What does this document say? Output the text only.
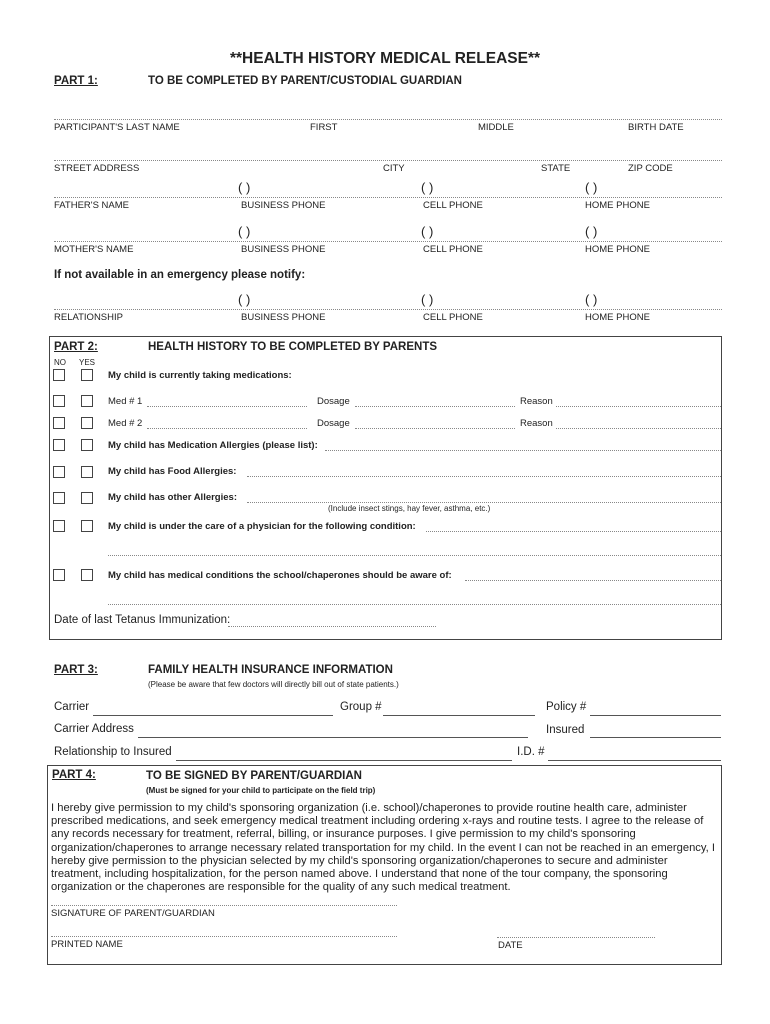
**HEALTH HISTORY MEDICAL RELEASE**
PART 1:	TO BE COMPLETED BY PARENT/CUSTODIAL GUARDIAN
PARTICIPANT'S LAST NAME	FIRST	MIDDLE	BIRTH DATE
STREET ADDRESS	CITY	STATE	ZIP CODE
( )	( )	( )
FATHER'S NAME	BUSINESS PHONE	CELL PHONE	HOME PHONE
( )	( )	( )
MOTHER'S NAME	BUSINESS PHONE	CELL PHONE	HOME PHONE
If not available in an emergency please notify:
( )	( )	( )
RELATIONSHIP	BUSINESS PHONE	CELL PHONE	HOME PHONE
PART 2:	HEALTH HISTORY TO BE COMPLETED BY PARENTS
NO YES
My child is currently taking medications:
Med # 1	Dosage	Reason
Med # 2	Dosage	Reason
My child has Medication Allergies (please list):
My child has Food Allergies:
My child has other Allergies:
(Include insect stings, hay fever, asthma, etc.)
My child is under the care of a physician for the following condition:
My child has medical conditions the school/chaperones should be aware of:
Date of last Tetanus Immunization:
PART 3:	FAMILY HEALTH INSURANCE INFORMATION
(Please be aware that few doctors will directly bill out of state patients.)
Carrier	Group #	Policy #
Carrier Address	Insured
Relationship to Insured	I.D. #
PART 4:	TO BE SIGNED BY PARENT/GUARDIAN
(Must be signed for your child to participate on the field trip)
I hereby give permission to my child's sponsoring organization (i.e. school)/chaperones to provide routine health care, administer prescribed medications, and seek emergency medical treatment including ordering x-rays and routine tests. I agree to the release of any records necessary for treatment, referral, billing, or insurance purposes. I give permission to my child's sponsoring organization/chaperones to arrange necessary related transportation for my child. In the event I can not be reached in an emergency, I hereby give permission to the physician selected by my child's sponsoring organization/chaperones to secure and administer treatment, including hospitalization, for the person named above. I understand that none of the tour company, the sponsoring organization or the chaperones are responsible for the quality of any such medical treatment.
SIGNATURE OF PARENT/GUARDIAN
PRINTED NAME	DATE
